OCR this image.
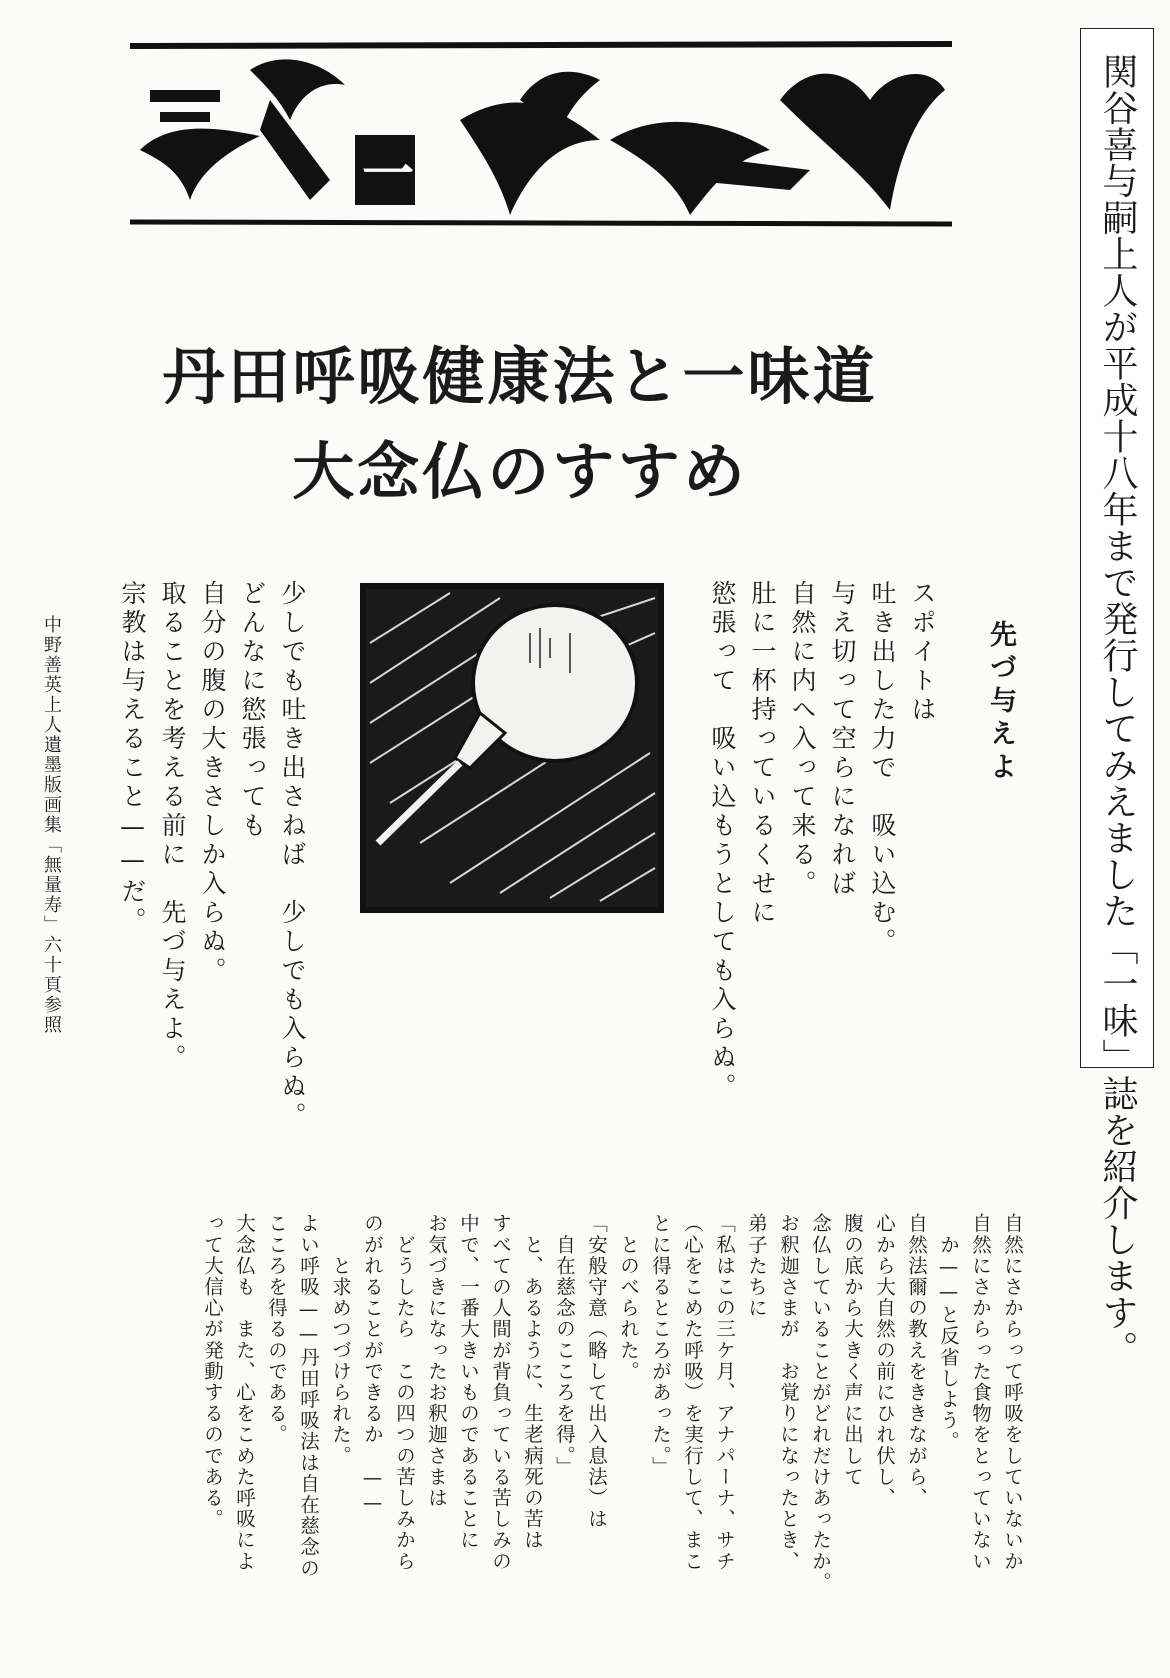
一味
丹田呼吸健康法と一味道
大念仏のすすめ	関谷喜与嗣上人が平成十八年まで発行してみえました「一味」誌を紹介します。

先づ与えよ

スポイトは
吐き出した力で　吸い込む。
与え切って空らになれば
自然に内へ入って来る。
肚に一杯持っているくせに
慾張って　吸い込もうとしても入らぬ。

少しでも吐き出さねば　少しでも入らぬ。
どんなに慾張っても
自分の腹の大きさしか入らぬ。
取ることを考える前に　先づ与えよ。
宗教は与えること——だ。

中野善英上人遺墨版画集「無量寿」六十頁参照

自然にさからって呼吸をしていないか
自然にさからった食物をとっていない
　か——と反省しよう。
自然法爾の教えをききながら、
心から大自然の前にひれ伏し、
腹の底から大きく声に出して
念仏していることがどれだけあったか。
お釈迦さまが　お覚りになったとき、
弟子たちに
「私はこの三ケ月、アナパーナ、サチ
（心をこめた呼吸）を実行して、まこ
とに得るところがあった。」
　とのべられた。
「安般守意（略して出入息法）は
　自在慈念のこころを得。」
　と、あるように、生老病死の苦は
すべての人間が背負っている苦しみの
中で、一番大きいものであることに
お気づきになったお釈迦さまは
　どうしたら　この四つの苦しみから
のがれることができるか　——
　　と求めつづけられた。
よい呼吸——丹田呼吸法は自在慈念の
こころを得るのである。
大念仏も　また、心をこめた呼吸によ
って大信心が発動するのである。
